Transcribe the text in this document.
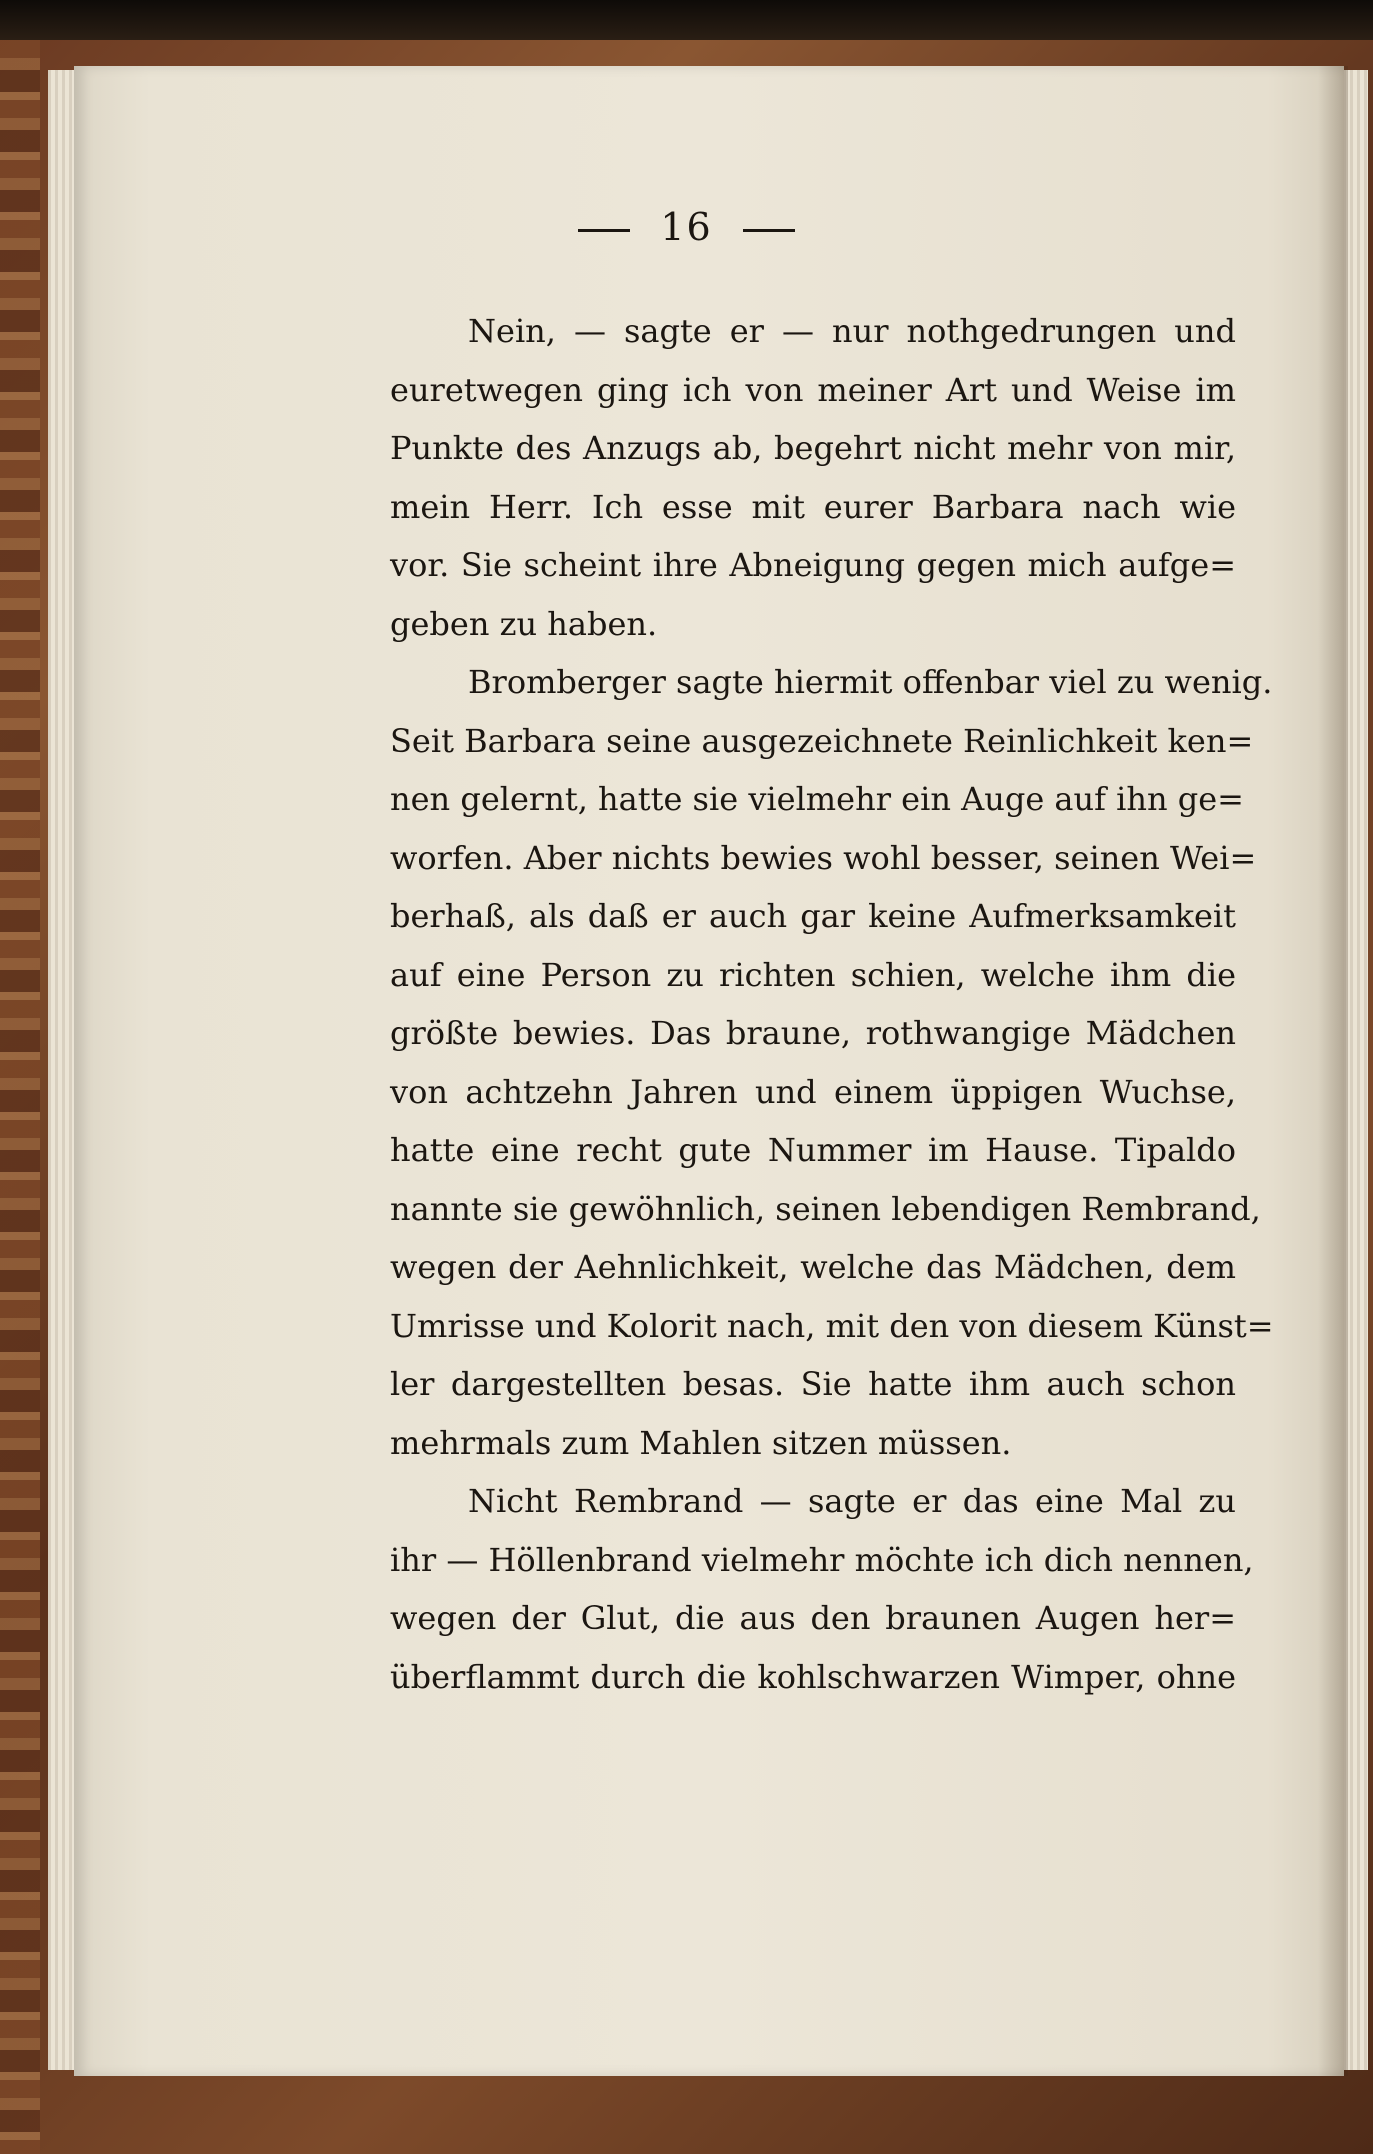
16
Nein, — sagte er — nur nothgedrungen und
euretwegen ging ich von meiner Art und Weise im
Punkte des Anzugs ab, begehrt nicht mehr von mir,
mein Herr. Ich esse mit eurer Barbara nach wie
vor. Sie scheint ihre Abneigung gegen mich aufge=
geben zu haben.
Bromberger sagte hiermit offenbar viel zu wenig.
Seit Barbara seine ausgezeichnete Reinlichkeit ken=
nen gelernt, hatte sie vielmehr ein Auge auf ihn ge=
worfen. Aber nichts bewies wohl besser, seinen Wei=
berhaß, als daß er auch gar keine Aufmerksamkeit
auf eine Person zu richten schien, welche ihm die
größte bewies. Das braune, rothwangige Mädchen
von achtzehn Jahren und einem üppigen Wuchse,
hatte eine recht gute Nummer im Hause. Tipaldo
nannte sie gewöhnlich, seinen lebendigen Rembrand,
wegen der Aehnlichkeit, welche das Mädchen, dem
Umrisse und Kolorit nach, mit den von diesem Künst=
ler dargestellten besas. Sie hatte ihm auch schon
mehrmals zum Mahlen sitzen müssen.
Nicht Rembrand — sagte er das eine Mal zu
ihr — Höllenbrand vielmehr möchte ich dich nennen,
wegen der Glut, die aus den braunen Augen her=
überflammt durch die kohlschwarzen Wimper, ohne
